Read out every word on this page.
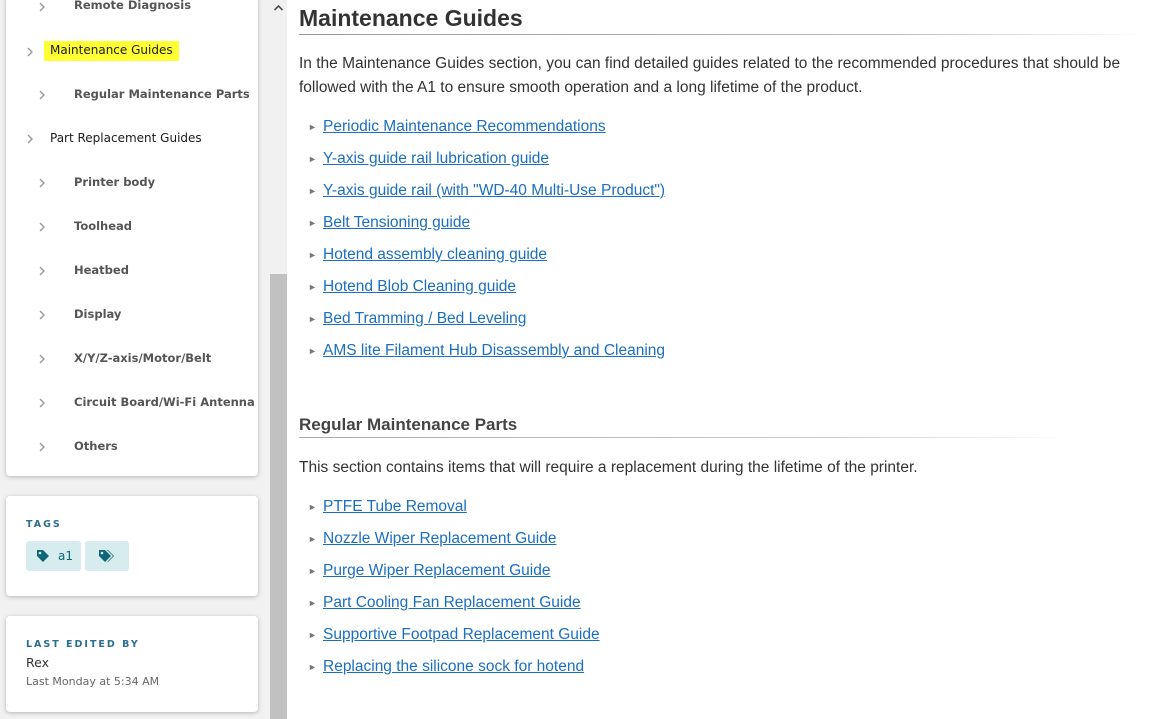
Remote Diagnosis
Maintenance Guides
Regular Maintenance Parts
Part Replacement Guides
Printer body
Toolhead
Heatbed
Display
X/Y/Z-axis/Motor/Belt
Circuit Board/Wi-Fi Antenna
Others
TAGS
a1
LAST EDITED BY
Rex
Last Monday at 5:34 AM
Maintenance Guides

In the Maintenance Guides section, you can find detailed guides related to the recommended procedures that should be followed with the A1 to ensure smooth operation and a long lifetime of the product.

► Periodic Maintenance Recommendations
► Y-axis guide rail lubrication guide
► Y-axis guide rail (with "WD-40 Multi-Use Product")
► Belt Tensioning guide
► Hotend assembly cleaning guide
► Hotend Blob Cleaning guide
► Bed Tramming / Bed Leveling
► AMS lite Filament Hub Disassembly and Cleaning
Regular Maintenance Parts

This section contains items that will require a replacement during the lifetime of the printer.

► PTFE Tube Removal
► Nozzle Wiper Replacement Guide
► Purge Wiper Replacement Guide
► Part Cooling Fan Replacement Guide
► Supportive Footpad Replacement Guide
► Replacing the silicone sock for hotend
